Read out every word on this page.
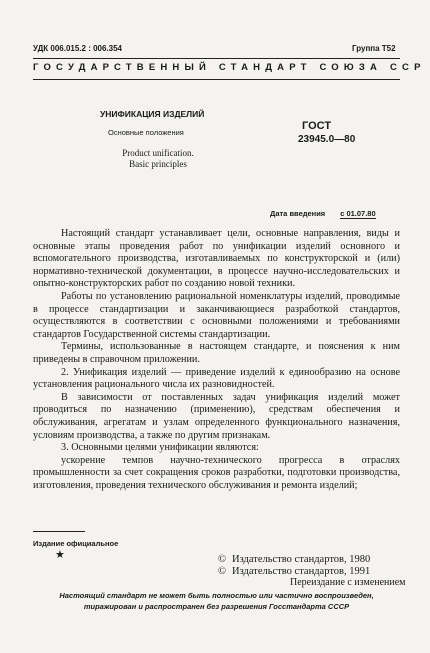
УДК 006.015.2 : 006.354	Группа Т52
ГОСУДАРСТВЕННЫЙ СТАНДАРТ СОЮЗА ССР
УНИФИКАЦИЯ ИЗДЕЛИЙ
Основные положения
Product unification.
Basic principles
ГОСТ
23945.0—80
Дата введения с 01.07.80

Настоящий стандарт устанавливает цели, основные направления, виды и основные этапы проведения работ по унификации изделий основного и вспомогательного производства, изготавливаемых по конструкторской и (или) нормативно-технической документации, в процессе научно-исследовательских и опытно-конструкторских работ по созданию новой техники.

Работы по установлению рациональной номенклатуры изделий, проводимые в процессе стандартизации и заканчивающиеся разработкой стандартов, осуществляются в соответствии с основными положениями и требованиями стандартов Государственной системы стандартизации.

Термины, использованные в настоящем стандарте, и пояснения к ним приведены в справочном приложении.

2. Унификация изделий — приведение изделий к единообразию на основе установления рационального числа их разновидностей.

В зависимости от поставленных задач унификация изделий может проводиться по назначению (применению), средствам обеспечения и обслуживания, агрегатам и узлам определенного функционального назначения, условиям производства, а также по другим признакам.

3. Основными целями унификации являются:

ускорение темпов научно-технического прогресса в отраслях промышленности за счет сокращения сроков разработки, подготовки производства, изготовления, проведения технического обслуживания и ремонта изделий;

Издание официальное
★	© Издательство стандартов, 1980
© Издательство стандартов, 1991
Переиздание с изменением
Настоящий стандарт не может быть полностью или частично воспроизведен,
тиражирован и распространен без разрешения Госстандарта СССР
